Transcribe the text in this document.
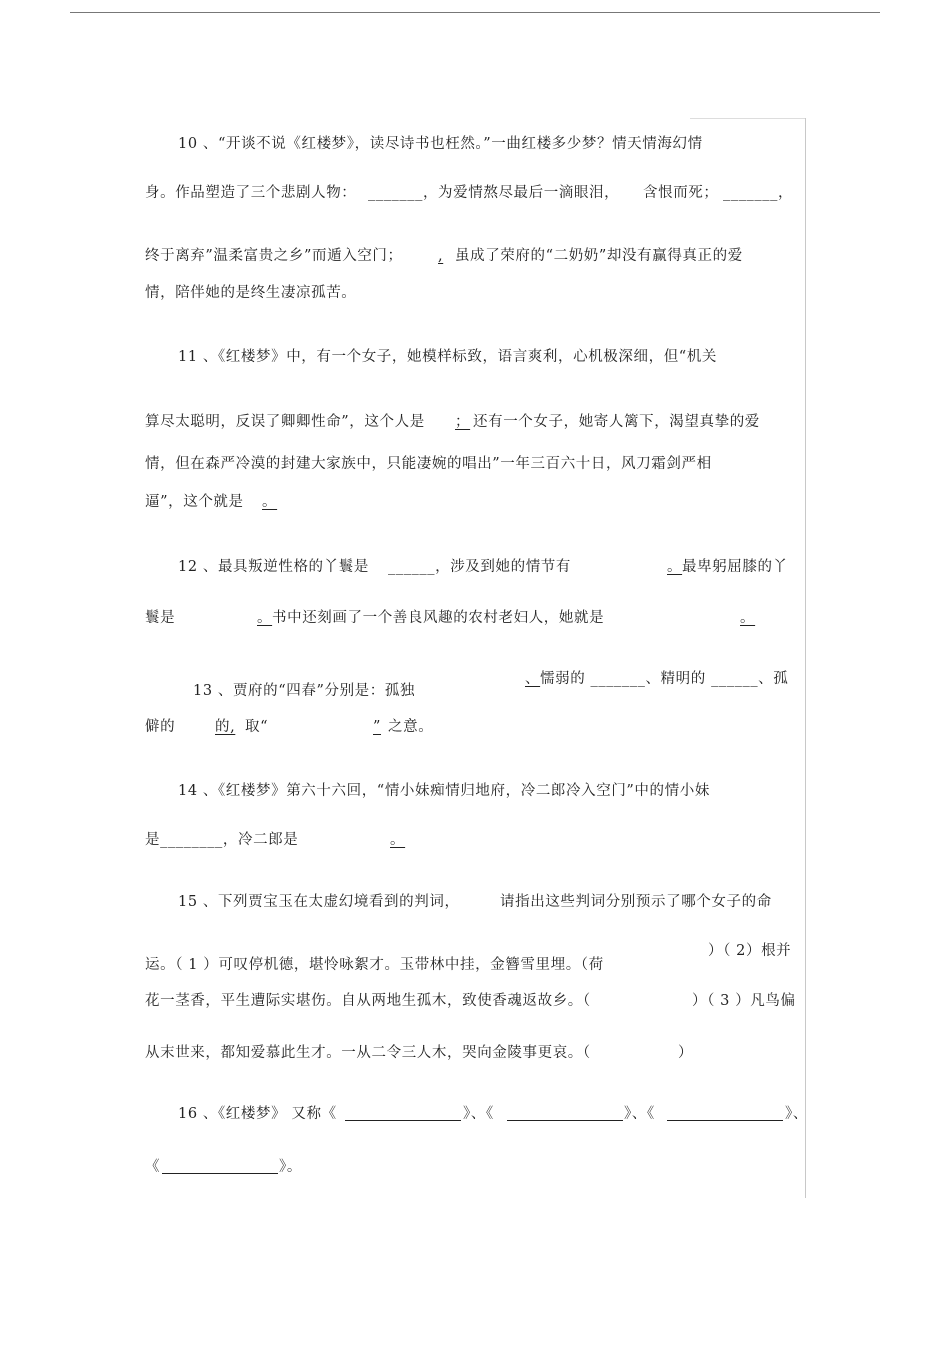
10 、“开谈不说《红楼梦》，读尽诗书也枉然。”一曲红楼多少梦？情天情海幻情
身。作品塑造了三个悲剧人物： _______，为爱情熬尽最后一滴眼泪， 含恨而死； _______，
终于离弃”温柔富贵之乡”而遁入空门； , 虽成了荣府的“二奶奶”却没有赢得真正的爱
情，陪伴她的是终生凄凉孤苦。
11 、《红楼梦》中，有一个女子，她模样标致，语言爽利，心机极深细，但“机关
算尽太聪明，反误了卿卿性命”，这个人是 ； 还有一个女子，她寄人篱下，渴望真挚的爱
情，但在森严冷漠的封建大家族中，只能凄婉的唱出”一年三百六十日，风刀霜剑严相
逼”，这个就是 。
12 、最具叛逆性格的丫鬟是 ______，涉及到她的情节有	。 最卑躬屈膝的丫
鬟是	。 书中还刻画了一个善良风趣的农村老妇人，她就是	。
13 、贾府的“四春”分别是：孤独
、 懦弱的 _______、精明的 ______、孤
僻的	的, 取“	” 之意。
14 、《红楼梦》第六十六回，“情小妹痴情归地府，冷二郎冷入空门”中的情小妹
是________，冷二郎是	。
15 、下列贾宝玉在太虚幻境看到的判词，	请指出这些判词分别预示了哪个女子的命
）（ 2）根并
运。（ 1 ）可叹停机德，堪怜咏絮才。玉带林中挂，金簪雪里埋。（荷
花一茎香，平生遭际实堪伤。自从两地生孤木，致使香魂返故乡。（	）（ 3 ）凡鸟偏
从末世来，都知爱慕此生才。一从二令三人木，哭向金陵事更哀。（	）
16 、《红楼梦》 又称《	》、《	》、《	》、
《	》。
